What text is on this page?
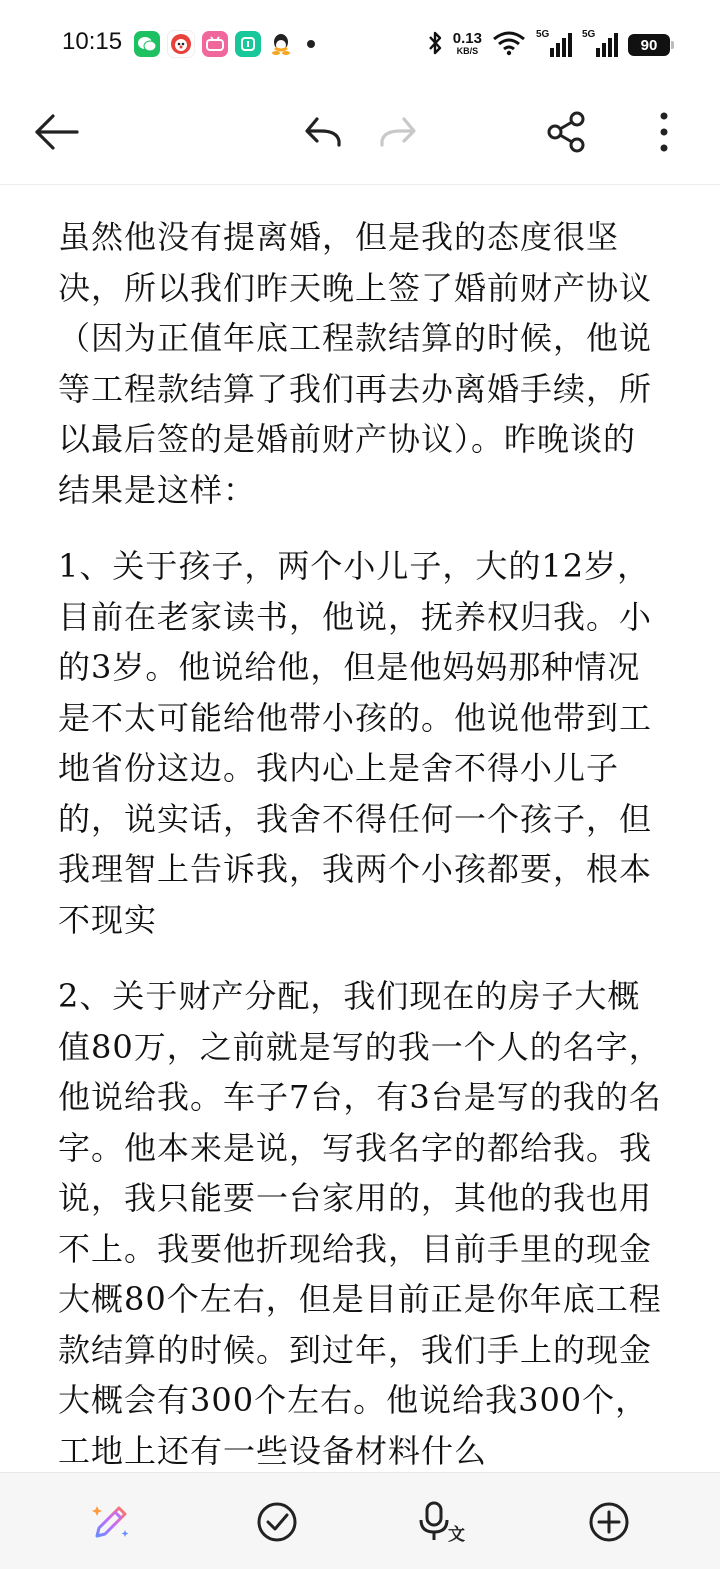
10:15	0.13
KB/S
5G	5G
90

虽然他没有提离婚，但是我的态度很坚决，所以我们昨天晚上签了婚前财产协议（因为正值年底工程款结算的时候，他说等工程款结算了我们再去办离婚手续，所以最后签的是婚前财产协议）。昨晚谈的结果是这样：

1、关于孩子，两个小儿子，大的12岁，目前在老家读书，他说，抚养权归我。小的3岁。他说给他，但是他妈妈那种情况是不太可能给他带小孩的。他说他带到工地省份这边。我内心上是舍不得小儿子的，说实话，我舍不得任何一个孩子，但我理智上告诉我，我两个小孩都要，根本不现实

2、关于财产分配，我们现在的房子大概值80万，之前就是写的我一个人的名字，他说给我。车子7台，有3台是写的我的名字。他本来是说，写我名字的都给我。我说，我只能要一台家用的，其他的我也用不上。我要他折现给我，目前手里的现金大概80个左右，但是目前正是你年底工程款结算的时候。到过年，我们手上的现金大概会有300个左右。他说给我300个，工地上还有一些设备材料什么

文
